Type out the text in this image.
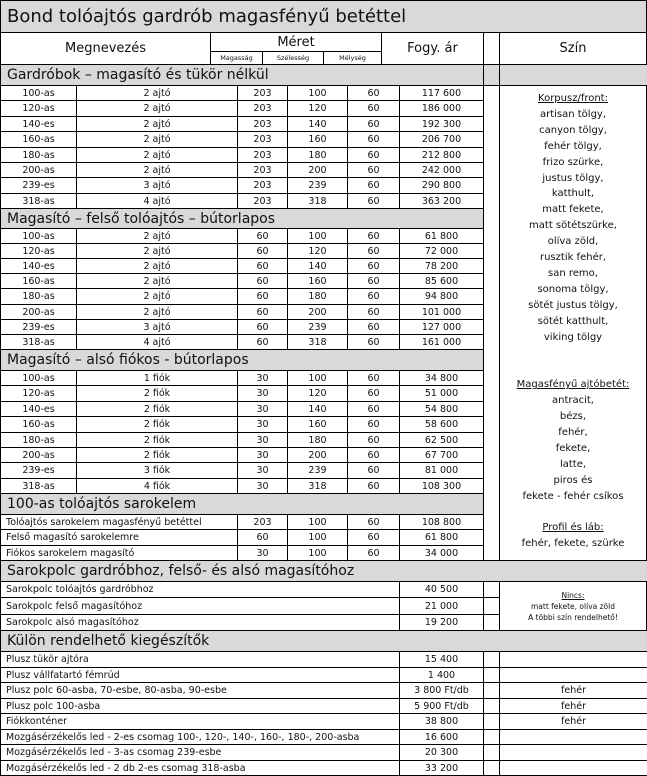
Bond tolóajtós gardrób magasfényű betéttel
Megnevezés	Méret
Magasság	Szélesség	Mélység
Fogy. ár	Szín
Gardróbok – magasító és tükör nélkül
100-as	2 ajtó	203	100	60	117 600
120-as	2 ajtó	203	120	60	186 000
140-es	2 ajtó	203	140	60	192 300
160-as	2 ajtó	203	160	60	206 700
180-as	2 ajtó	203	180	60	212 800
200-as	2 ajtó	203	200	60	242 000
239-es	3 ajtó	203	239	60	290 800
318-as	4 ajtó	203	318	60	363 200
Magasító – felső tolóajtós – bútorlapos
100-as	2 ajtó	60	100	60	61 800
120-as	2 ajtó	60	120	60	72 000
140-es	2 ajtó	60	140	60	78 200
160-as	2 ajtó	60	160	60	85 600
180-as	2 ajtó	60	180	60	94 800
200-as	2 ajtó	60	200	60	101 000
239-es	3 ajtó	60	239	60	127 000
318-as	4 ajtó	60	318	60	161 000
Magasító – alsó fiókos - bútorlapos
100-as	1 fiók	30	100	60	34 800
120-as	2 fiók	30	120	60	51 000
140-es	2 fiók	30	140	60	54 800
160-as	2 fiók	30	160	60	58 600
180-as	2 fiók	30	180	60	62 500
200-as	2 fiók	30	200	60	67 700
239-es	3 fiók	30	239	60	81 000
318-as	4 fiók	30	318	60	108 300
100-as tolóajtós sarokelem
Tolóajtós sarokelem magasfényű betéttel	203	100	60	108 800
Felső magasító sarokelemre	60	100	60	61 800
Fiókos sarokelem magasító	30	100	60	34 000
Sarokpolc gardróbhoz, felső- és alsó magasítóhoz
Sarokpolc tolóajtós gardróbhoz	40 500
Sarokpolc felső magasítóhoz	21 000
Sarokpolc alsó magasítóhoz	19 200
Külön rendelhető kiegészítők
Plusz tükör ajtóra	15 400
Plusz vállfatartó fémrúd	1 400
Plusz polc 60-asba, 70-esbe, 80-asba, 90-esbe	3 800 Ft/db	fehér
Plusz polc 100-asba	5 900 Ft/db	fehér
Fiókkonténer	38 800	fehér
Mozgásérzékelős led - 2-es csomag 100-, 120-, 140-, 160-, 180-, 200-asba	16 600
Mozgásérzékelős led - 3-as csomag 239-esbe	20 300
Mozgásérzékelős led - 2 db 2-es csomag 318-asba	33 200
Korpusz/front:
artisan tölgy,
canyon tölgy,
fehér tölgy,
frizo szürke,
justus tölgy,
katthult,
matt fekete,
matt sötétszürke,
olíva zöld,
rusztik fehér,
san remo,
sonoma tölgy,
sötét justus tölgy,
sötét katthult,
viking tölgy
Magasfényű ajtóbetét:
antracit,
bézs,
fehér,
fekete,
latte,
piros és
fekete - fehér csíkos
Profil és láb:
fehér, fekete, szürke
Nincs:
matt fekete, olíva zöld
A többi szín rendelhető!
